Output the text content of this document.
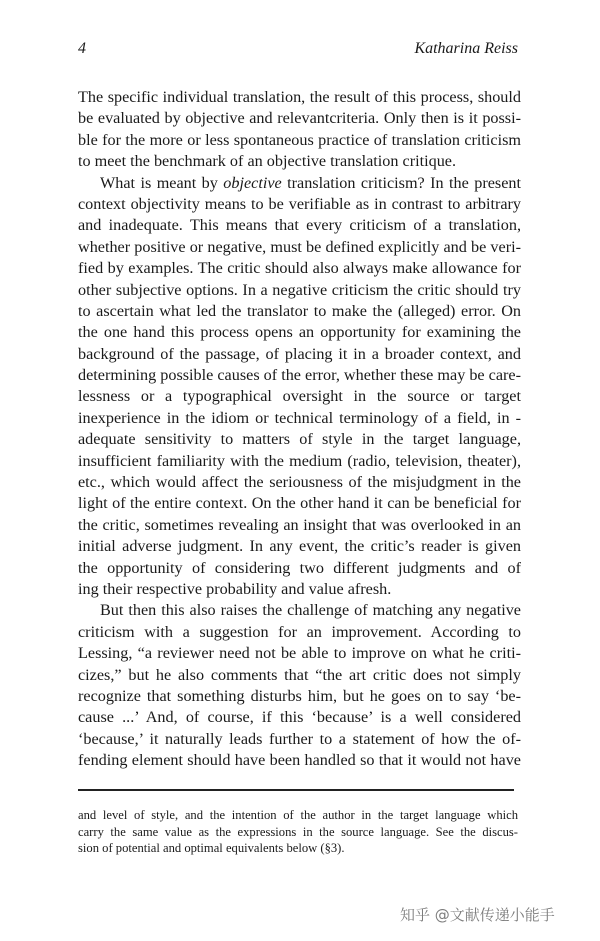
4	Katharina Reiss
The specific individual translation, the result of this process, should
be evaluated by objective and relevantcriteria. Only then is it possi-
ble for the more or less spontaneous practice of translation criticism
to meet the benchmark of an objective translation critique.
What is meant by objective translation criticism? In the present
context objectivity means to be verifiable as in contrast to arbitrary
and inadequate. This means that every criticism of a translation,
whether positive or negative, must be defined explicitly and be veri-
fied by examples. The critic should also always make allowance for
other subjective options. In a negative criticism the critic should try
to ascertain what led the translator to make the (alleged) error. On
the one hand this process opens an opportunity for examining the
background of the passage, of placing it in a broader context, and
determining possible causes of the error, whether these may be care-
lessness or a typographical oversight in the source or target
inexperience in the idiom or technical terminology of a field, in -
adequate sensitivity to matters of style in the target language,
insufficient familiarity with the medium (radio, television, theater),
etc., which would affect the seriousness of the misjudgment in the
light of the entire context. On the other hand it can be beneficial for
the critic, sometimes revealing an insight that was overlooked in an
initial adverse judgment. In any event, the critic’s reader is given
the opportunity of considering two different judgments and of
ing their respective probability and value afresh.
But then this also raises the challenge of matching any negative
criticism with a suggestion for an improvement. According to
Lessing, “a reviewer need not be able to improve on what he criti-
cizes,” but he also comments that “the art critic does not simply
recognize that something disturbs him, but he goes on to say ‘be-
cause ...’ And, of course, if this ‘because’ is a well considered
‘because,’ it naturally leads further to a statement of how the of-
fending element should have been handled so that it would not have
and level of style, and the intention of the author in the target language which
carry the same value as the expressions in the source language. See the discus-
sion of potential and optimal equivalents below (§3).
知乎 @文献传递小能手
